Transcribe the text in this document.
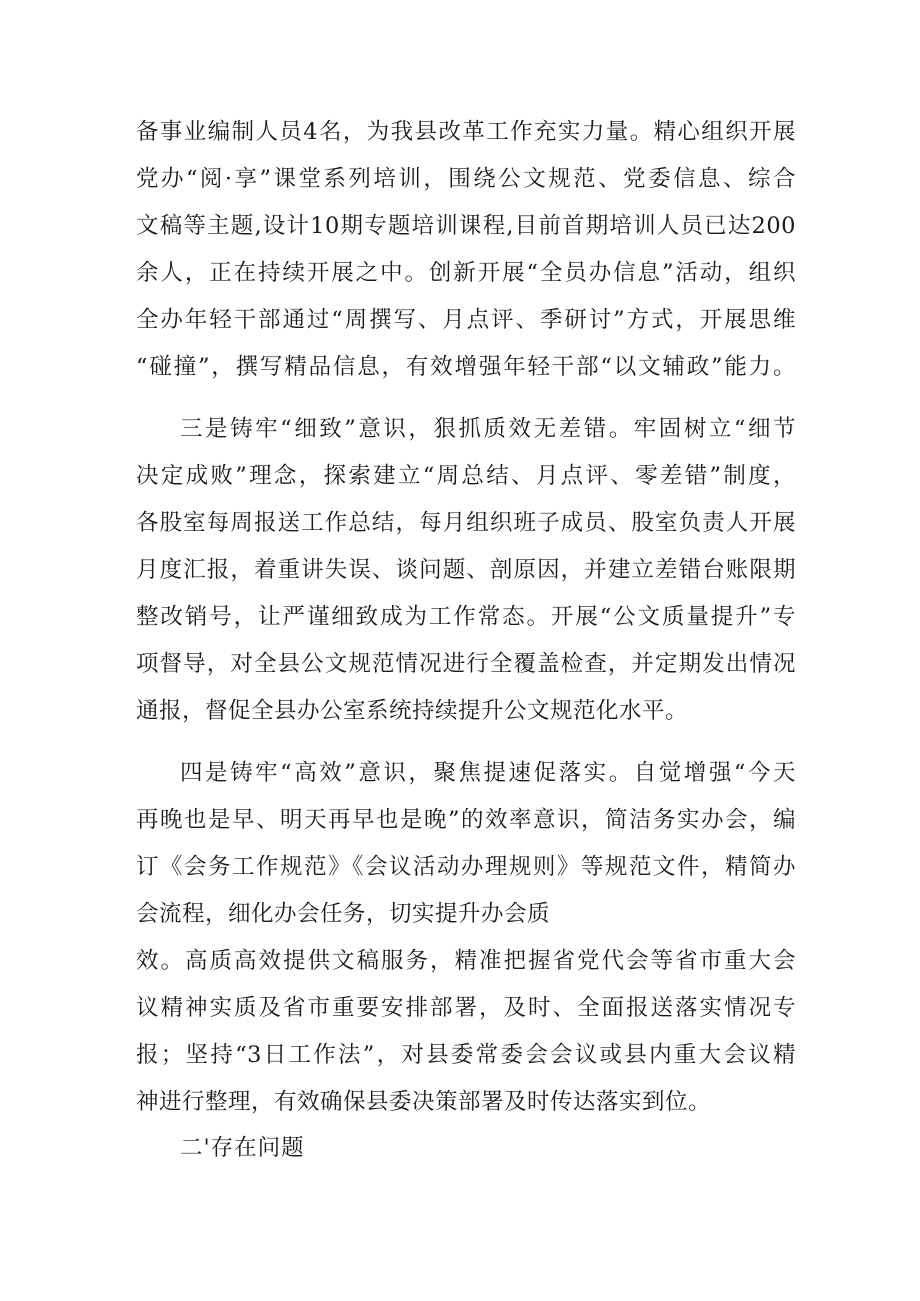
备事业编制人员4名，为我县改革工作充实力量。精心组织开展
党办“阅·享”课堂系列培训，围绕公文规范、党委信息、综合
文稿等主题,设计10期专题培训课程,目前首期培训人员已达200
余人，正在持续开展之中。创新开展“全员办信息”活动，组织
全办年轻干部通过“周撰写、月点评、季研讨”方式，开展思维
“碰撞”，撰写精品信息，有效增强年轻干部“以文辅政”能力。
三是铸牢“细致”意识，狠抓质效无差错。牢固树立“细节
决定成败”理念，探索建立“周总结、月点评、零差错”制度，
各股室每周报送工作总结，每月组织班子成员、股室负责人开展
月度汇报，着重讲失误、谈问题、剖原因，并建立差错台账限期
整改销号，让严谨细致成为工作常态。开展“公文质量提升”专
项督导，对全县公文规范情况进行全覆盖检查，并定期发出情况
通报，督促全县办公室系统持续提升公文规范化水平。
四是铸牢“高效”意识，聚焦提速促落实。自觉增强“今天
再晚也是早、明天再早也是晚”的效率意识，简洁务实办会，编
订《会务工作规范》《会议活动办理规则》等规范文件，精简办
会流程，细化办会任务，切实提升办会质
效。高质高效提供文稿服务，精准把握省党代会等省市重大会
议精神实质及省市重要安排部署，及时、全面报送落实情况专
报；坚持“3日工作法”，对县委常委会会议或县内重大会议精
神进行整理，有效确保县委决策部署及时传达落实到位。
二'存在问题
